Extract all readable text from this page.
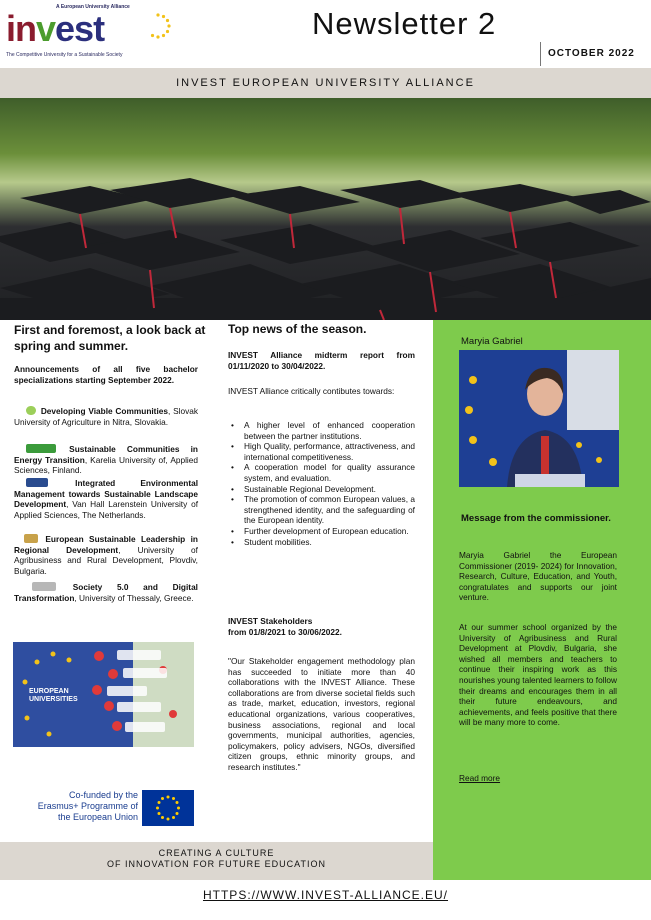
A European University Alliance
invest
The Competitive University for a Sustainable Society
Newsletter 2
OCTOBER 2022
INVEST EUROPEAN UNIVERSITY ALLIANCE
First and foremost, a look back at spring and summer.
Announcements of all five bachelor specializations starting September 2022.
Developing Viable Communities, Slovak University of Agriculture in Nitra, Slovakia.
Sustainable Communities in Energy Transition, Karelia University of, Applied Sciences, Finland.
Integrated Environmental Management towards Sustainable Landscape Development, Van Hall Larenstein University of Applied Sciences, The Netherlands.
European Sustainable Leadership in Regional Development, University of Agribusiness and Rural Development, Plovdiv, Bulgaria.
Society 5.0 and Digital Transformation, University of Thessaly, Greece.
EUROPEAN UNIVERSITIES
Co-funded by the Erasmus+ Programme of the European Union
Top news of the season.
INVEST Alliance midterm report from 01/11/2020 to 30/04/2022.
INVEST Alliance critically contibutes towards:
• A higher level of enhanced cooperation between the partner institutions.
• High Quality, performance, attractiveness, and international competitiveness.
• A cooperation model for quality assurance system, and evaluation.
• Sustainable Regional Development.
• The promotion of common European values, a strengthened identity, and the safeguarding of the European identity.
• Further development of European education.
• Student mobilities.
INVEST Stakeholders
from 01/8/2021 to 30/06/2022.
"Our Stakeholder engagement methodology plan has succeeded to initiate more than 40 collaborations with the INVEST Alliance. These collaborations are from diverse societal fields such as trade, market, education, investors, regional educational organizations, various cooperatives, business associations, regional and local governments, municipal authorities, agencies, policymakers, policy advisers, NGOs, diversified citizen groups, ethnic minority groups, and research institutes."
Maryia Gabriel
Message from the commissioner.
Maryia Gabriel the European Commissioner (2019- 2024) for Innovation, Research, Culture, Education, and Youth, congratulates and supports our joint venture.
At our summer school organized by the University of Agribusiness and Rural Development at Plovdiv, Bulgaria, she wished all members and teachers to continue their inspiring work as this nourishes young talented learners to follow their dreams and encourages them in all their future endeavours, and achievements, and feels positive that there will be many more to come.
Read more
CREATING A CULTURE
OF INNOVATION FOR FUTURE EDUCATION
HTTPS://WWW.INVEST-ALLIANCE.EU/
